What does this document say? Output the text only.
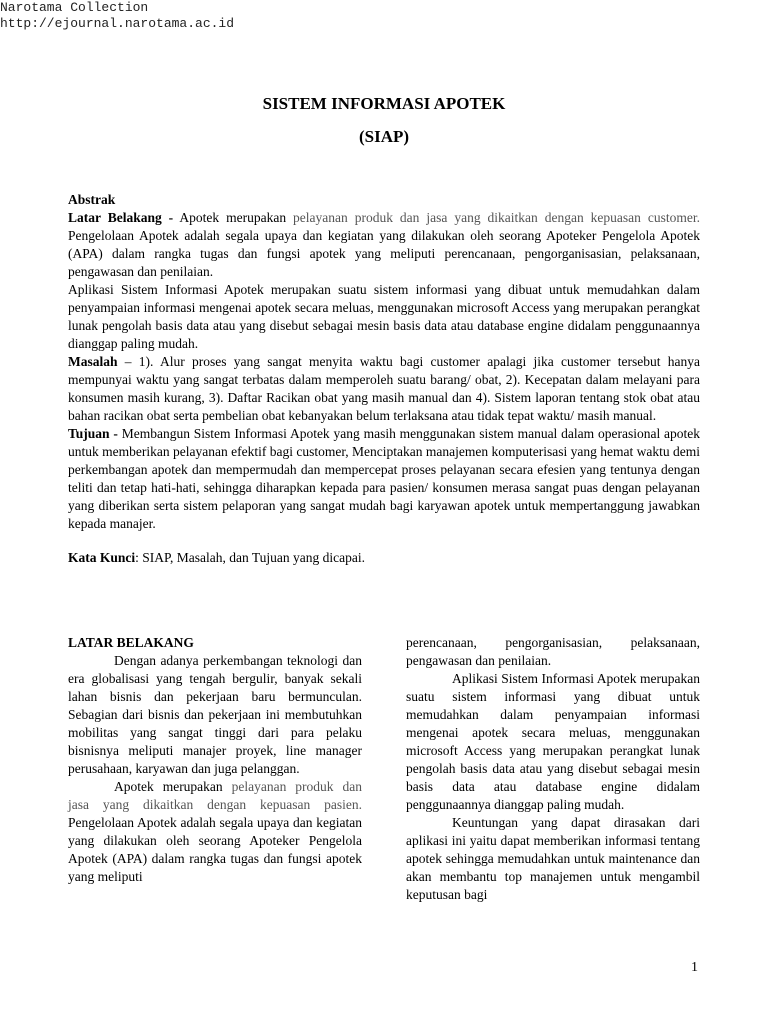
Narotama Collection
http://ejournal.narotama.ac.id
SISTEM INFORMASI APOTEK
(SIAP)

Abstrak

Latar Belakang - Apotek merupakan pelayanan produk dan jasa yang dikaitkan dengan kepuasan customer. Pengelolaan Apotek adalah segala upaya dan kegiatan yang dilakukan oleh seorang Apoteker Pengelola Apotek (APA) dalam rangka tugas dan fungsi apotek yang meliputi perencanaan, pengorganisasian, pelaksanaan, pengawasan dan penilaian.

Aplikasi Sistem Informasi Apotek merupakan suatu sistem informasi yang dibuat untuk memudahkan dalam penyampaian informasi mengenai apotek secara meluas, menggunakan microsoft Access yang merupakan perangkat lunak pengolah basis data atau yang disebut sebagai mesin basis data atau database engine didalam penggunaannya dianggap paling mudah.

Masalah – 1). Alur proses yang sangat menyita waktu bagi customer apalagi jika customer tersebut hanya mempunyai waktu yang sangat terbatas dalam memperoleh suatu barang/ obat, 2). Kecepatan dalam melayani para konsumen masih kurang, 3). Daftar Racikan obat yang masih manual dan 4). Sistem laporan tentang stok obat atau bahan racikan obat serta pembelian obat kebanyakan belum terlaksana atau tidak tepat waktu/ masih manual.

Tujuan - Membangun Sistem Informasi Apotek yang masih menggunakan sistem manual dalam operasional apotek untuk memberikan pelayanan efektif bagi customer, Menciptakan manajemen komputerisasi yang hemat waktu demi perkembangan apotek dan mempermudah dan mempercepat proses pelayanan secara efesien yang tentunya dengan teliti dan tetap hati-hati, sehingga diharapkan kepada para pasien/ konsumen merasa sangat puas dengan pelayanan yang diberikan serta sistem pelaporan yang sangat mudah bagi karyawan apotek untuk mempertanggung jawabkan kepada manajer.

Kata Kunci: SIAP, Masalah, dan Tujuan yang dicapai.

LATAR BELAKANG

Dengan adanya perkembangan teknologi dan era globalisasi yang tengah bergulir, banyak sekali lahan bisnis dan pekerjaan baru bermunculan. Sebagian dari bisnis dan pekerjaan ini membutuhkan mobilitas yang sangat tinggi dari para pelaku bisnisnya meliputi manajer proyek, line manager perusahaan, karyawan dan juga pelanggan.

Apotek merupakan pelayanan produk dan jasa yang dikaitkan dengan kepuasan pasien. Pengelolaan Apotek adalah segala upaya dan kegiatan yang dilakukan oleh seorang Apoteker Pengelola Apotek (APA) dalam rangka tugas dan fungsi apotek yang meliputi

perencanaan, pengorganisasian, pelaksanaan, pengawasan dan penilaian.

Aplikasi Sistem Informasi Apotek merupakan suatu sistem informasi yang dibuat untuk memudahkan dalam penyampaian informasi mengenai apotek secara meluas, menggunakan microsoft Access yang merupakan perangkat lunak pengolah basis data atau yang disebut sebagai mesin basis data atau database engine didalam penggunaannya dianggap paling mudah.

Keuntungan yang dapat dirasakan dari aplikasi ini yaitu dapat memberikan informasi tentang apotek sehingga memudahkan untuk maintenance dan akan membantu top manajemen untuk mengambil keputusan bagi

1
